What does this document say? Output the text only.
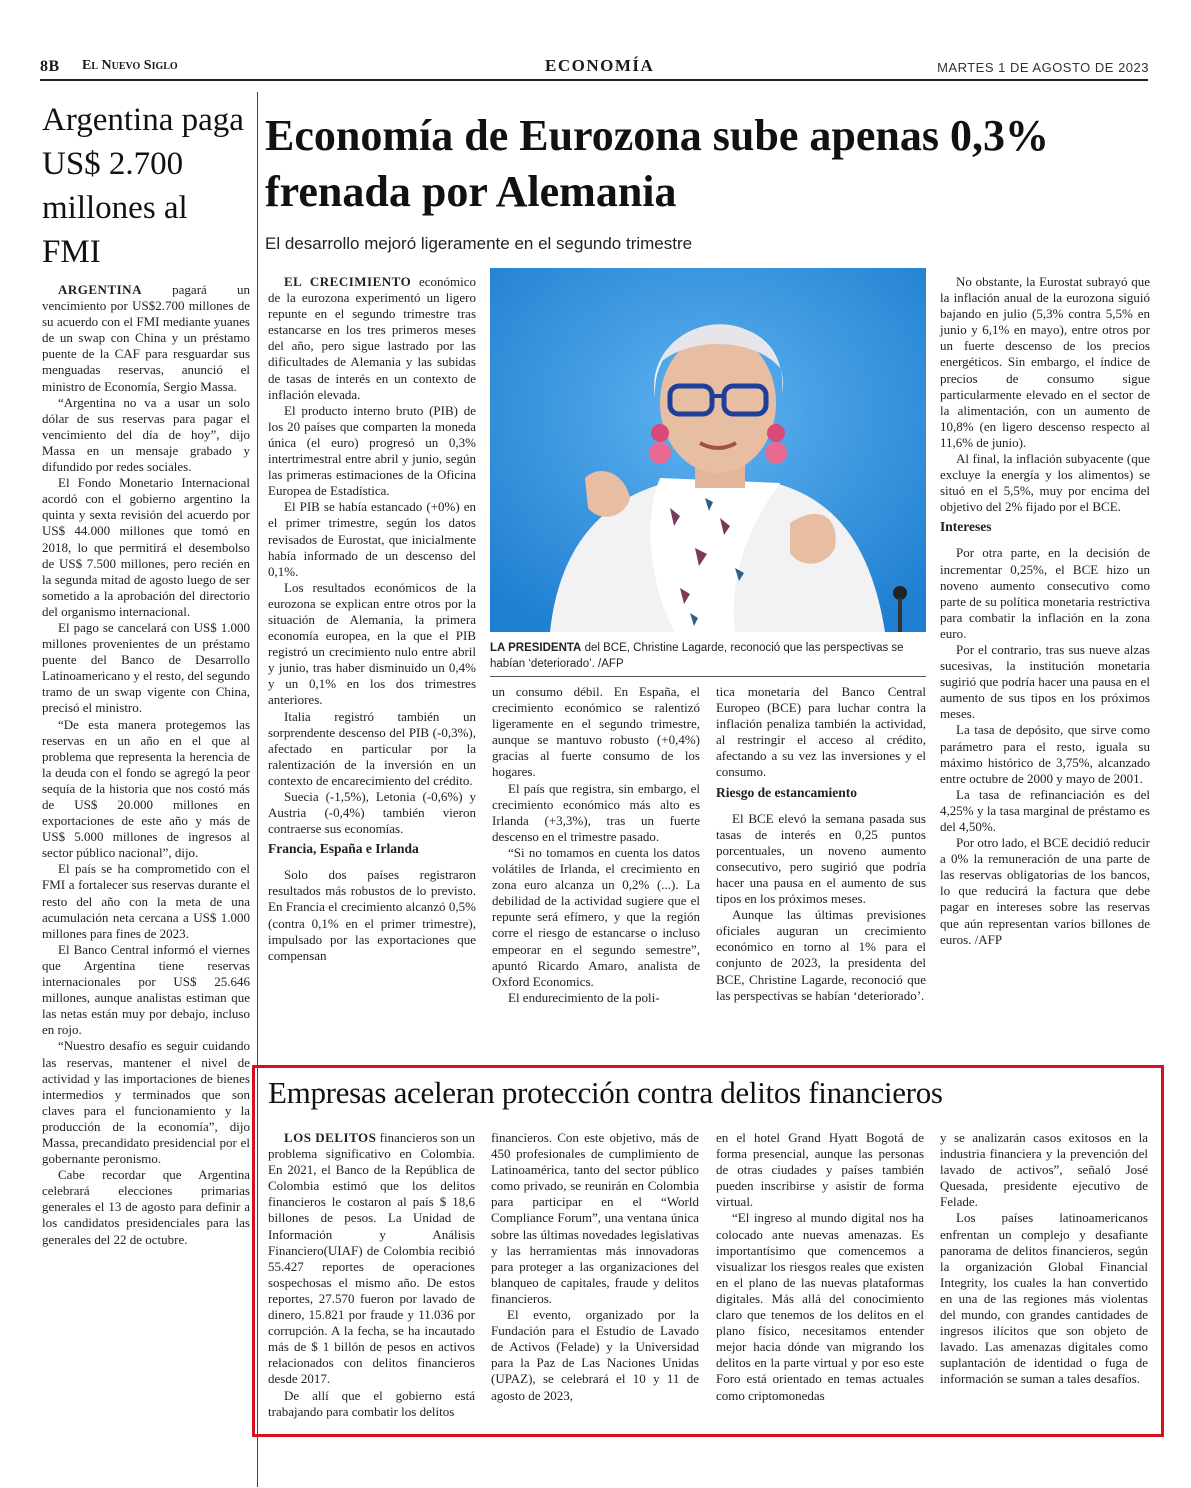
8B El Nuevo Siglo	ECONOMÍA	MARTES 1 DE AGOSTO DE 2023
Argentina paga US$ 2.700 millones al FMI

ARGENTINA pagará un vencimiento por US$2.700 millones de su acuerdo con el FMI mediante yuanes de un swap con China y un préstamo puente de la CAF para resguardar sus menguadas reservas, anunció el ministro de Economía, Sergio Massa.

“Argentina no va a usar un solo dólar de sus reservas para pagar el vencimiento del día de hoy”, dijo Massa en un mensaje grabado y difundido por redes sociales.

El Fondo Monetario Internacional acordó con el gobierno argentino la quinta y sexta revisión del acuerdo por US$ 44.000 millones que tomó en 2018, lo que permitirá el desembolso de US$ 7.500 millones, pero recién en la segunda mitad de agosto luego de ser sometido a la aprobación del directorio del organismo internacional.

El pago se cancelará con US$ 1.000 millones provenientes de un préstamo puente del Banco de Desarrollo Latinoamericano y el resto, del segundo tramo de un swap vigente con China, precisó el ministro.

“De esta manera protegemos las reservas en un año en el que al problema que representa la herencia de la deuda con el fondo se agregó la peor sequía de la historia que nos costó más de US$ 20.000 millones en exportaciones de este año y más de US$ 5.000 millones de ingresos al sector público nacional”, dijo.

El país se ha comprometido con el FMI a fortalecer sus reservas durante el resto del año con la meta de una acumulación neta cercana a US$ 1.000 millones para fines de 2023.

El Banco Central informó el viernes que Argentina tiene reservas internacionales por US$ 25.646 millones, aunque analistas estiman que las netas están muy por debajo, incluso en rojo.

“Nuestro desafío es seguir cuidando las reservas, mantener el nivel de actividad y las importaciones de bienes intermedios y terminados que son claves para el funcionamiento y la producción de la economía”, dijo Massa, precandidato presidencial por el gobernante peronismo.

Cabe recordar que Argentina celebrará elecciones primarias generales el 13 de agosto para definir a los candidatos presidenciales para las generales del 22 de octubre.

Economía de Eurozona sube apenas 0,3% frenada por Alemania
El desarrollo mejoró ligeramente en el segundo trimestre

EL CRECIMIENTO económico de la eurozona experimentó un ligero repunte en el segundo trimestre tras estancarse en los tres primeros meses del año, pero sigue lastrado por las dificultades de Alemania y las subidas de tasas de interés en un contexto de inflación elevada.

El producto interno bruto (PIB) de los 20 países que comparten la moneda única (el euro) progresó un 0,3% intertrimestral entre abril y junio, según las primeras estimaciones de la Oficina Europea de Estadística.

El PIB se había estancado (+0%) en el primer trimestre, según los datos revisados de Eurostat, que inicialmente había informado de un descenso del 0,1%.

Los resultados económicos de la eurozona se explican entre otros por la situación de Alemania, la primera economía europea, en la que el PIB registró un crecimiento nulo entre abril y junio, tras haber disminuido un 0,4% y un 0,1% en los dos trimestres anteriores.

Italia registró también un sorprendente descenso del PIB (-0,3%), afectado en particular por la ralentización de la inversión en un contexto de encarecimiento del crédito.

Suecia (-1,5%), Letonia (-0,6%) y Austria (-0,4%) también vieron contraerse sus economías.

Francia, España e Irlanda

Solo dos países registraron resultados más robustos de lo previsto. En Francia el crecimiento alcanzó 0,5% (contra 0,1% en el primer trimestre), impulsado por las exportaciones que compensan

LA PRESIDENTA del BCE, Christine Lagarde, reconoció que las perspectivas se habían ‘deteriorado’. /AFP

un consumo débil. En España, el crecimiento económico se ralentizó ligeramente en el segundo trimestre, aunque se mantuvo robusto (+0,4%) gracias al fuerte consumo de los hogares.

El país que registra, sin embargo, el crecimiento económico más alto es Irlanda (+3,3%), tras un fuerte descenso en el trimestre pasado.

“Si no tomamos en cuenta los datos volátiles de Irlanda, el crecimiento en zona euro alcanza un 0,2% (...). La debilidad de la actividad sugiere que el repunte será efímero, y que la región corre el riesgo de estancarse o incluso empeorar en el segundo semestre”, apuntó Ricardo Amaro, analista de Oxford Economics.

El endurecimiento de la poli-

tica monetaria del Banco Central Europeo (BCE) para luchar contra la inflación penaliza también la actividad, al restringir el acceso al crédito, afectando a su vez las inversiones y el consumo.

Riesgo de estancamiento

El BCE elevó la semana pasada sus tasas de interés en 0,25 puntos porcentuales, un noveno aumento consecutivo, pero sugirió que podría hacer una pausa en el aumento de sus tipos en los próximos meses.

Aunque las últimas previsiones oficiales auguran un crecimiento económico en torno al 1% para el conjunto de 2023, la presidenta del BCE, Christine Lagarde, reconoció que las perspectivas se habían ‘deteriorado’.

No obstante, la Eurostat subrayó que la inflación anual de la eurozona siguió bajando en julio (5,3% contra 5,5% en junio y 6,1% en mayo), entre otros por un fuerte descenso de los precios energéticos. Sin embargo, el índice de precios de consumo sigue particularmente elevado en el sector de la alimentación, con un aumento de 10,8% (en ligero descenso respecto al 11,6% de junio).

Al final, la inflación subyacente (que excluye la energía y los alimentos) se situó en el 5,5%, muy por encima del objetivo del 2% fijado por el BCE.

Intereses

Por otra parte, en la decisión de incrementar 0,25%, el BCE hizo un noveno aumento consecutivo como parte de su política monetaria restrictiva para combatir la inflación en la zona euro.

Por el contrario, tras sus nueve alzas sucesivas, la institución monetaria sugirió que podría hacer una pausa en el aumento de sus tipos en los próximos meses.

La tasa de depósito, que sirve como parámetro para el resto, iguala su máximo histórico de 3,75%, alcanzado entre octubre de 2000 y mayo de 2001.

La tasa de refinanciación es del 4,25% y la tasa marginal de préstamo es del 4,50%.

Por otro lado, el BCE decidió reducir a 0% la remuneración de una parte de las reservas obligatorias de los bancos, lo que reducirá la factura que debe pagar en intereses sobre las reservas que aún representan varios billones de euros. /AFP

Empresas aceleran protección contra delitos financieros

LOS DELITOS financieros son un problema significativo en Colombia. En 2021, el Banco de la República de Colombia estimó que los delitos financieros le costaron al país $ 18,6 billones de pesos. La Unidad de Información y Análisis Financiero(UIAF) de Colombia recibió 55.427 reportes de operaciones sospechosas el mismo año. De estos reportes, 27.570 fueron por lavado de dinero, 15.821 por fraude y 11.036 por corrupción. A la fecha, se ha incautado más de $ 1 billón de pesos en activos relacionados con delitos financieros desde 2017.

De allí que el gobierno está trabajando para combatir los delitos

financieros. Con este objetivo, más de 450 profesionales de cumplimiento de Latinoamérica, tanto del sector público como privado, se reunirán en Colombia para participar en el “World Compliance Forum”, una ventana única sobre las últimas novedades legislativas y las herramientas más innovadoras para proteger a las organizaciones del blanqueo de capitales, fraude y delitos financieros.

El evento, organizado por la Fundación para el Estudio de Lavado de Activos (Felade) y la Universidad para la Paz de Las Naciones Unidas (UPAZ), se celebrará el 10 y 11 de agosto de 2023,

en el hotel Grand Hyatt Bogotá de forma presencial, aunque las personas de otras ciudades y países también pueden inscribirse y asistir de forma virtual.

“El ingreso al mundo digital nos ha colocado ante nuevas amenazas. Es importantísimo que comencemos a visualizar los riesgos reales que existen en el plano de las nuevas plataformas digitales. Más allá del conocimiento claro que tenemos de los delitos en el plano físico, necesitamos entender mejor hacia dónde van migrando los delitos en la parte virtual y por eso este Foro está orientado en temas actuales como criptomonedas

y se analizarán casos exitosos en la industria financiera y la prevención del lavado de activos”, señaló José Quesada, presidente ejecutivo de Felade.

Los países latinoamericanos enfrentan un complejo y desafiante panorama de delitos financieros, según la organización Global Financial Integrity, los cuales la han convertido en una de las regiones más violentas del mundo, con grandes cantidades de ingresos ilícitos que son objeto de lavado. Las amenazas digitales como suplantación de identidad o fuga de información se suman a tales desafíos.
